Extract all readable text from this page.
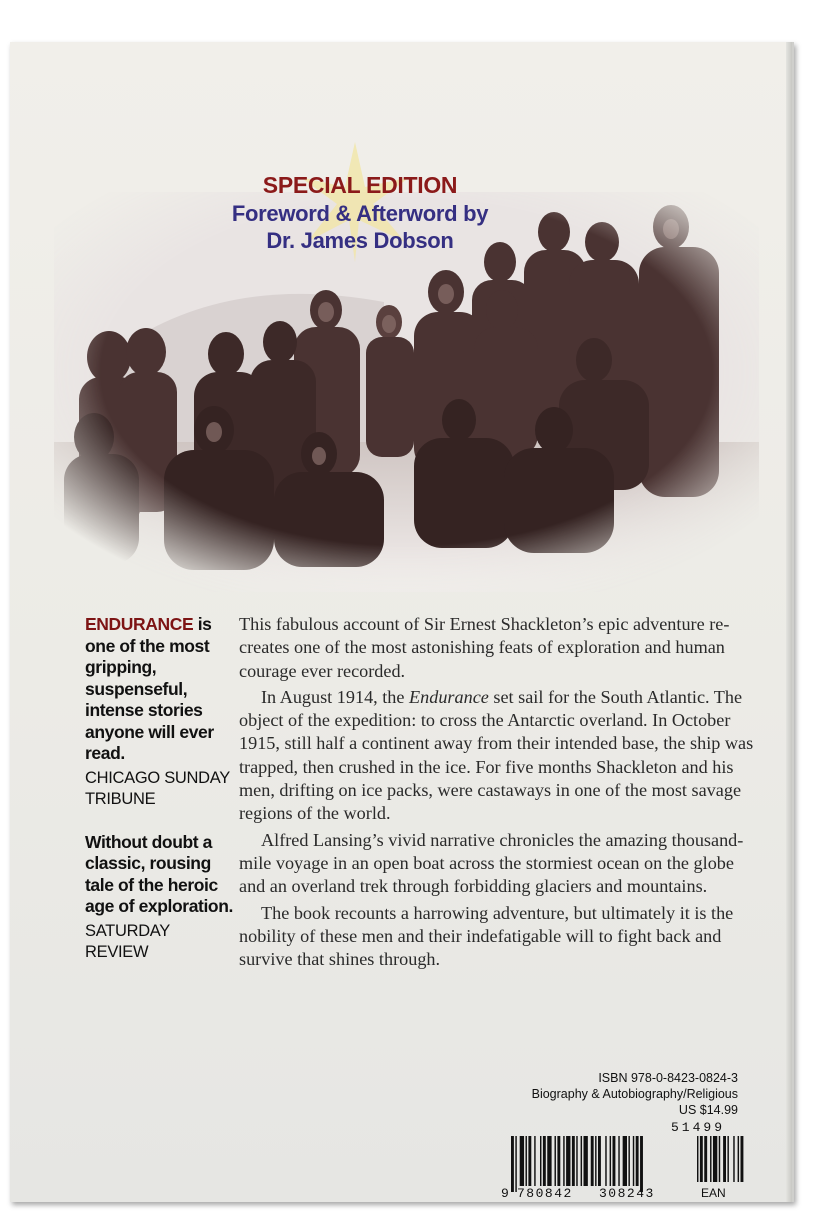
SPECIAL EDITION
Foreword & Afterword by
Dr. James Dobson
ENDURANCE is one of the most gripping, suspenseful, intense stories anyone will ever read.
CHICAGO SUNDAY TRIBUNE
Without doubt a classic, rousing tale of the heroic age of exploration.
SATURDAY REVIEW

This fabulous account of Sir Ernest Shackleton’s epic adventure re-creates one of the most astonishing feats of exploration and human courage ever recorded.

In August 1914, the Endurance set sail for the South Atlantic. The object of the expedition: to cross the Antarctic overland. In October 1915, still half a continent away from their intended base, the ship was trapped, then crushed in the ice. For five months Shackleton and his men, drifting on ice packs, were castaways in one of the most savage regions of the world.

Alfred Lansing’s vivid narrative chronicles the amazing thousand-mile voyage in an open boat across the stormiest ocean on the globe and an overland trek through forbidding glaciers and mountains.

The book recounts a harrowing adventure, but ultimately it is the nobility of these men and their indefatigable will to fight back and survive that shines through.

ISBN 978-0-8423-0824-3
Biography & Autobiography/Religious
US $14.99
51499
9 780842 308243	EAN
